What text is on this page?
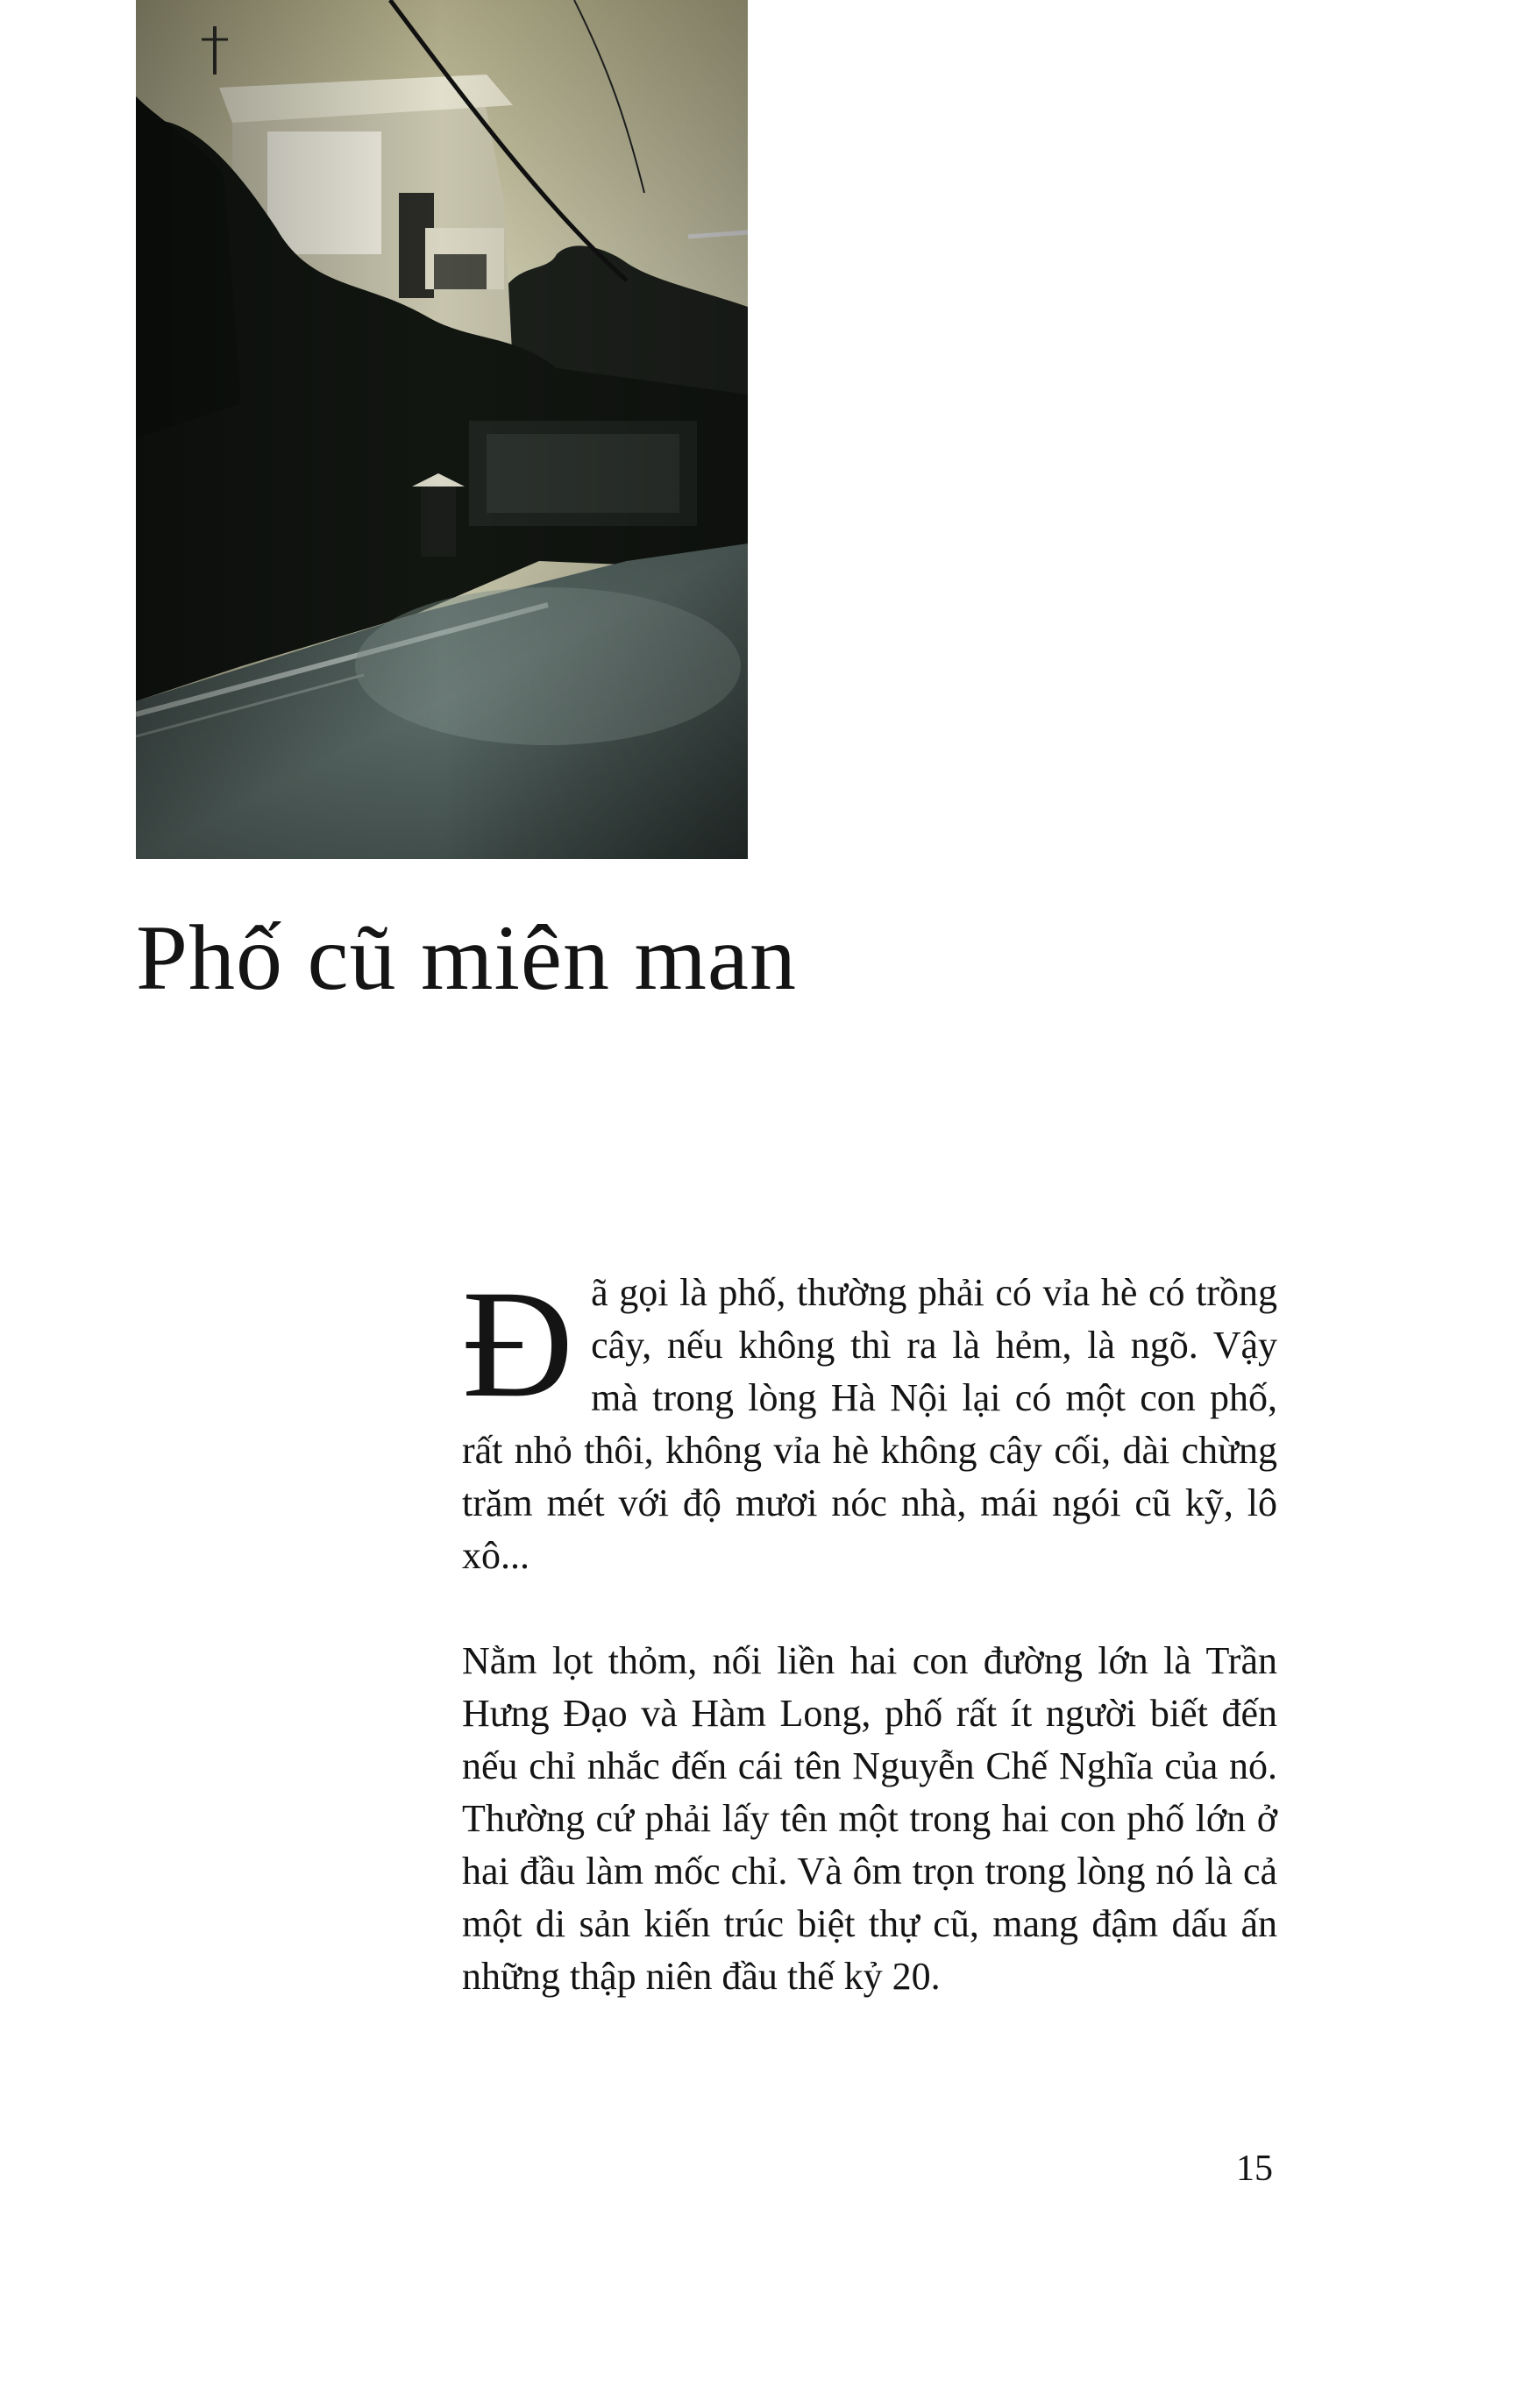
Phố cũ miên man

Đã gọi là phố, thường phải có vỉa hè có trồng cây, nếu không thì ra là hẻm, là ngõ. Vậy mà trong lòng Hà Nội lại có một con phố, rất nhỏ thôi, không vỉa hè không cây cối, dài chừng trăm mét với độ mươi nóc nhà, mái ngói cũ kỹ, lô xô...

Nằm lọt thỏm, nối liền hai con đường lớn là Trần Hưng Đạo và Hàm Long, phố rất ít người biết đến nếu chỉ nhắc đến cái tên Nguyễn Chế Nghĩa của nó. Thường cứ phải lấy tên một trong hai con phố lớn ở hai đầu làm mốc chỉ. Và ôm trọn trong lòng nó là cả một di sản kiến trúc biệt thự cũ, mang đậm dấu ấn những thập niên đầu thế kỷ 20.

15
